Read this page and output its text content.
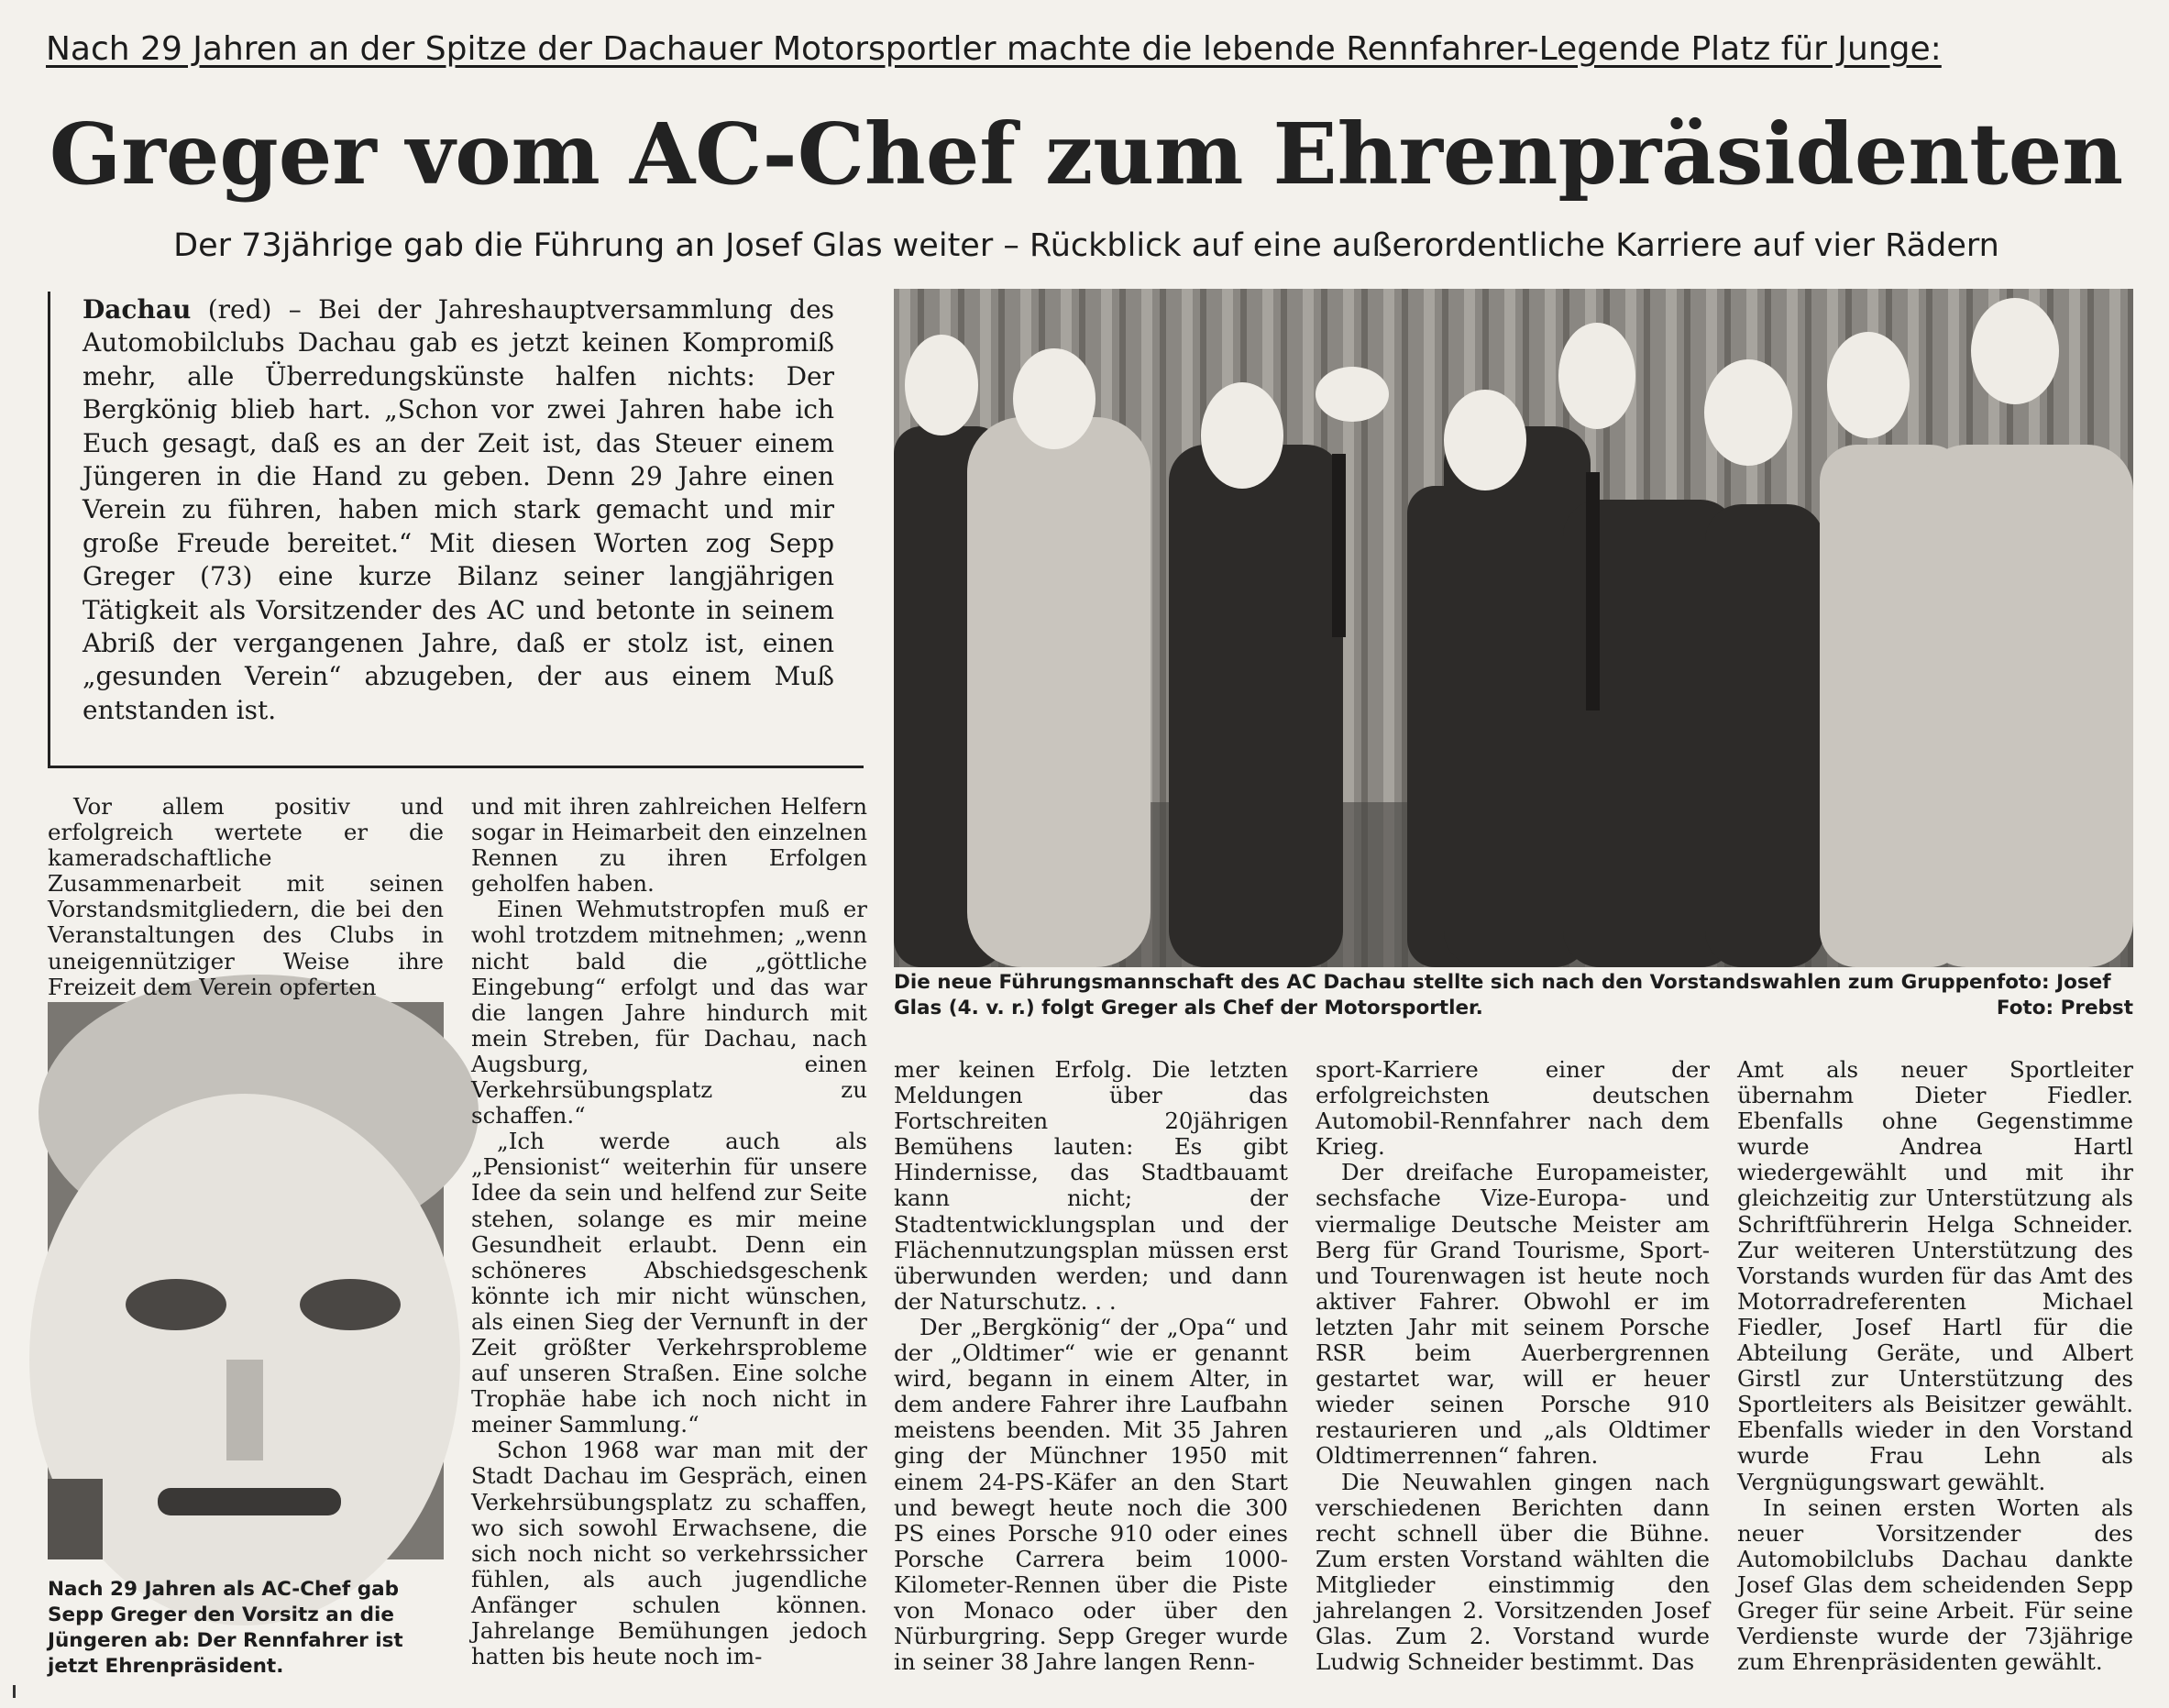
Nach 29 Jahren an der Spitze der Dachauer Motorsportler machte die lebende Rennfahrer-Legende Platz für Junge:
Greger vom AC-Chef zum Ehrenpräsidenten
Der 73jährige gab die Führung an Josef Glas weiter – Rückblick auf eine außerordentliche Karriere auf vier Rädern
Dachau (red) – Bei der Jahreshauptversammlung des Automobilclubs Dachau gab es jetzt keinen Kompromiß mehr, alle Überredungskünste halfen nichts: Der Bergkönig blieb hart. „Schon vor zwei Jahren habe ich Euch gesagt, daß es an der Zeit ist, das Steuer einem Jüngeren in die Hand zu geben. Denn 29 Jahre einen Verein zu führen, haben mich stark gemacht und mir große Freude bereitet.“ Mit diesen Worten zog Sepp Greger (73) eine kurze Bilanz seiner langjährigen Tätigkeit als Vorsitzender des AC und betonte in seinem Abriß der vergangenen Jahre, daß er stolz ist, einen „gesunden Verein“ abzugeben, der aus einem Muß entstanden ist.
Die neue Führungsmannschaft des AC Dachau stellte sich nach den Vorstandswahlen zum Gruppenfoto: Josef Glas (4. v. r.) folgt Greger als Chef der Motorsportler.	Foto: Prebst
Nach 29 Jahren als AC-Chef gab Sepp Greger den Vorsitz an die Jüngeren ab: Der Rennfahrer ist jetzt Ehrenpräsident.

Vor allem positiv und erfolgreich wertete er die kameradschaftliche Zusammenarbeit mit seinen Vorstandsmitgliedern, die bei den Veranstaltungen des Clubs in uneigennütziger Weise ihre Freizeit dem Verein opferten

und mit ihren zahlreichen Helfern sogar in Heimarbeit den einzelnen Rennen zu ihren Erfolgen geholfen haben.

Einen Wehmutstropfen muß er wohl trotzdem mitnehmen; „wenn nicht bald die „göttliche Eingebung“ erfolgt und das war die langen Jahre hindurch mit mein Streben, für Dachau, nach Augsburg, einen Verkehrsübungsplatz zu schaffen.“

„Ich werde auch als „Pensionist“ weiterhin für unsere Idee da sein und helfend zur Seite stehen, solange es mir meine Gesundheit erlaubt. Denn ein schöneres Abschiedsgeschenk könnte ich mir nicht wünschen, als einen Sieg der Vernunft in der Zeit größter Verkehrsprobleme auf unseren Straßen. Eine solche Trophäe habe ich noch nicht in meiner Sammlung.“

Schon 1968 war man mit der Stadt Dachau im Gespräch, einen Verkehrsübungsplatz zu schaffen, wo sich sowohl Erwachsene, die sich noch nicht so verkehrssicher fühlen, als auch jugendliche Anfänger schulen können. Jahrelange Bemühungen jedoch hatten bis heute noch im-

mer keinen Erfolg. Die letzten Meldungen über das Fortschreiten 20jährigen Bemühens lauten: Es gibt Hindernisse, das Stadtbauamt kann nicht; der Stadtentwicklungsplan und der Flächennutzungsplan müssen erst überwunden werden; und dann der Naturschutz. . .

Der „Bergkönig“ der „Opa“ und der „Oldtimer“ wie er genannt wird, begann in einem Alter, in dem andere Fahrer ihre Laufbahn meistens beenden. Mit 35 Jahren ging der Münchner 1950 mit einem 24-PS-Käfer an den Start und bewegt heute noch die 300 PS eines Porsche 910 oder eines Porsche Carrera beim 1000-Kilometer-Rennen über die Piste von Monaco oder über den Nürburgring. Sepp Greger wurde in seiner 38 Jahre langen Renn-

sport-Karriere einer der erfolgreichsten deutschen Automobil-Rennfahrer nach dem Krieg.

Der dreifache Europameister, sechsfache Vize-Europa- und viermalige Deutsche Meister am Berg für Grand Tourisme, Sport- und Tourenwagen ist heute noch aktiver Fahrer. Obwohl er im letzten Jahr mit seinem Porsche RSR beim Auerbergrennen gestartet war, will er heuer wieder seinen Porsche 910 restaurieren und „als Oldtimer Oldtimerrennen“ fahren.

Die Neuwahlen gingen nach verschiedenen Berichten dann recht schnell über die Bühne. Zum ersten Vorstand wählten die Mitglieder einstimmig den jahrelangen 2. Vorsitzenden Josef Glas. Zum 2. Vorstand wurde Ludwig Schneider bestimmt. Das

Amt als neuer Sportleiter übernahm Dieter Fiedler. Ebenfalls ohne Gegenstimme wurde Andrea Hartl wiedergewählt und mit ihr gleichzeitig zur Unterstützung als Schriftführerin Helga Schneider. Zur weiteren Unterstützung des Vorstands wurden für das Amt des Motorradreferenten Michael Fiedler, Josef Hartl für die Abteilung Geräte, und Albert Girstl zur Unterstützung des Sportleiters als Beisitzer gewählt. Ebenfalls wieder in den Vorstand wurde Frau Lehn als Vergnügungswart gewählt.

In seinen ersten Worten als neuer Vorsitzender des Automobilclubs Dachau dankte Josef Glas dem scheidenden Sepp Greger für seine Arbeit. Für seine Verdienste wurde der 73jährige zum Ehrenpräsidenten gewählt.
